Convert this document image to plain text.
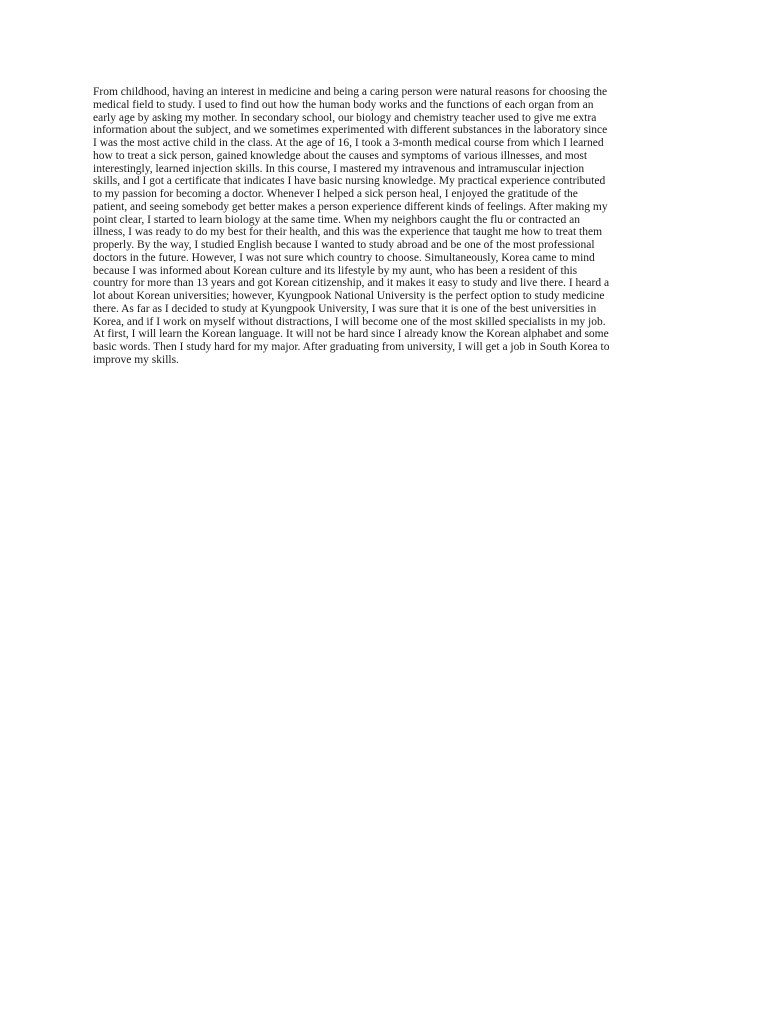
From childhood, having an interest in medicine and being a caring person were natural reasons for choosing the
medical field to study. I used to find out how the human body works and the functions of each organ from an
early age by asking my mother. In secondary school, our biology and chemistry teacher used to give me extra
information about the subject, and we sometimes experimented with different substances in the laboratory since
I was the most active child in the class. At the age of 16, I took a 3-month medical course from which I learned
how to treat a sick person, gained knowledge about the causes and symptoms of various illnesses, and most
interestingly, learned injection skills. In this course, I mastered my intravenous and intramuscular injection
skills, and I got a certificate that indicates I have basic nursing knowledge. My practical experience contributed
to my passion for becoming a doctor. Whenever I helped a sick person heal, I enjoyed the gratitude of the
patient, and seeing somebody get better makes a person experience different kinds of feelings. After making my
point clear, I started to learn biology at the same time. When my neighbors caught the flu or contracted an
illness, I was ready to do my best for their health, and this was the experience that taught me how to treat them
properly. By the way, I studied English because I wanted to study abroad and be one of the most professional
doctors in the future. However, I was not sure which country to choose. Simultaneously, Korea came to mind
because I was informed about Korean culture and its lifestyle by my aunt, who has been a resident of this
country for more than 13 years and got Korean citizenship, and it makes it easy to study and live there. I heard a
lot about Korean universities; however, Kyungpook National University is the perfect option to study medicine
there. As far as I decided to study at Kyungpook University, I was sure that it is one of the best universities in
Korea, and if I work on myself without distractions, I will become one of the most skilled specialists in my job.
At first, I will learn the Korean language. It will not be hard since I already know the Korean alphabet and some
basic words. Then I study hard for my major. After graduating from university, I will get a job in South Korea to
improve my skills.
